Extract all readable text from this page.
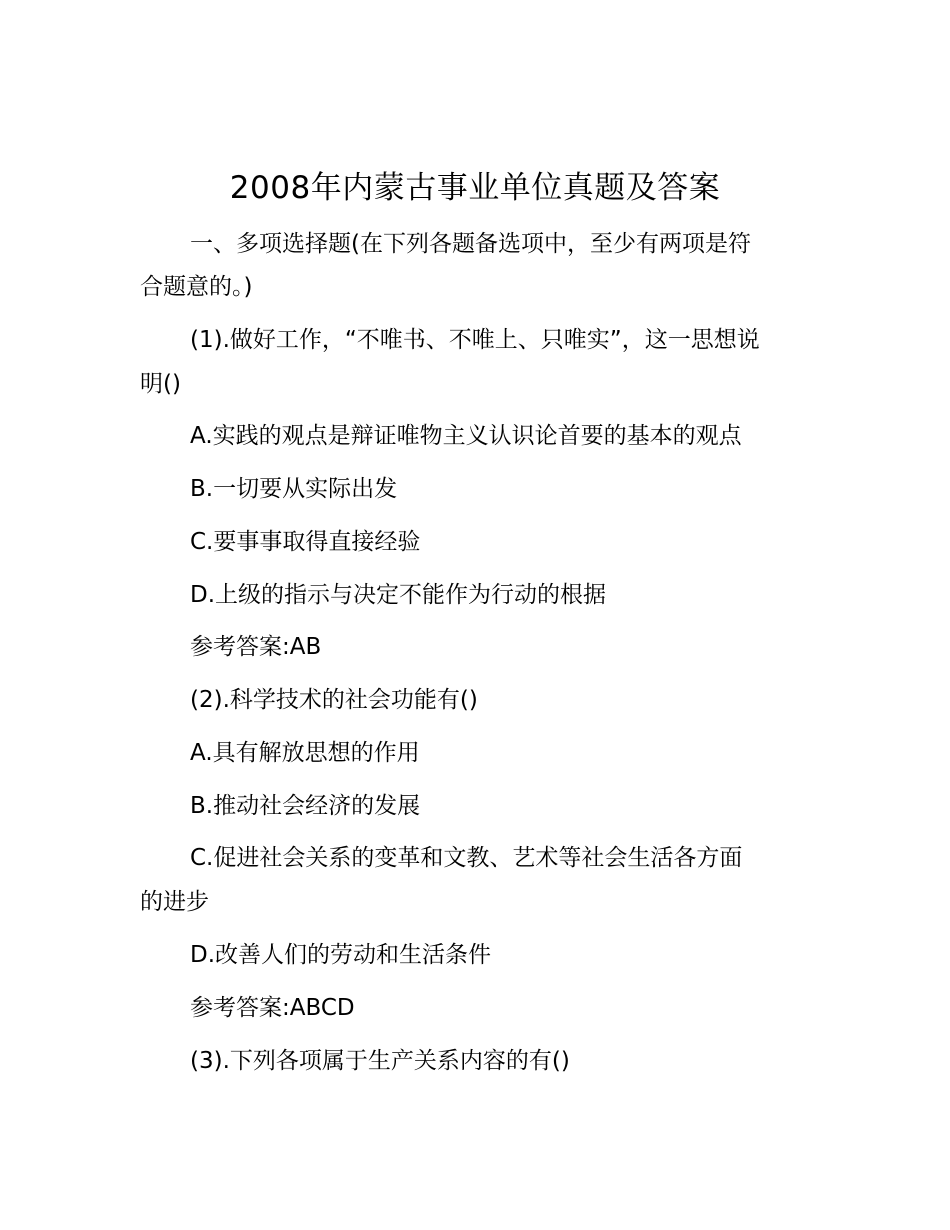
2008年内蒙古事业单位真题及答案
一、多项选择题(在下列各题备选项中，至少有两项是符
合题意的。)
(1).做好工作，“不唯书、不唯上、只唯实”，这一思想说
明()
A.实践的观点是辩证唯物主义认识论首要的基本的观点
B.一切要从实际出发
C.要事事取得直接经验
D.上级的指示与决定不能作为行动的根据
参考答案:AB
(2).科学技术的社会功能有()
A.具有解放思想的作用
B.推动社会经济的发展
C.促进社会关系的变革和文教、艺术等社会生活各方面
的进步
D.改善人们的劳动和生活条件
参考答案:ABCD
(3).下列各项属于生产关系内容的有()
